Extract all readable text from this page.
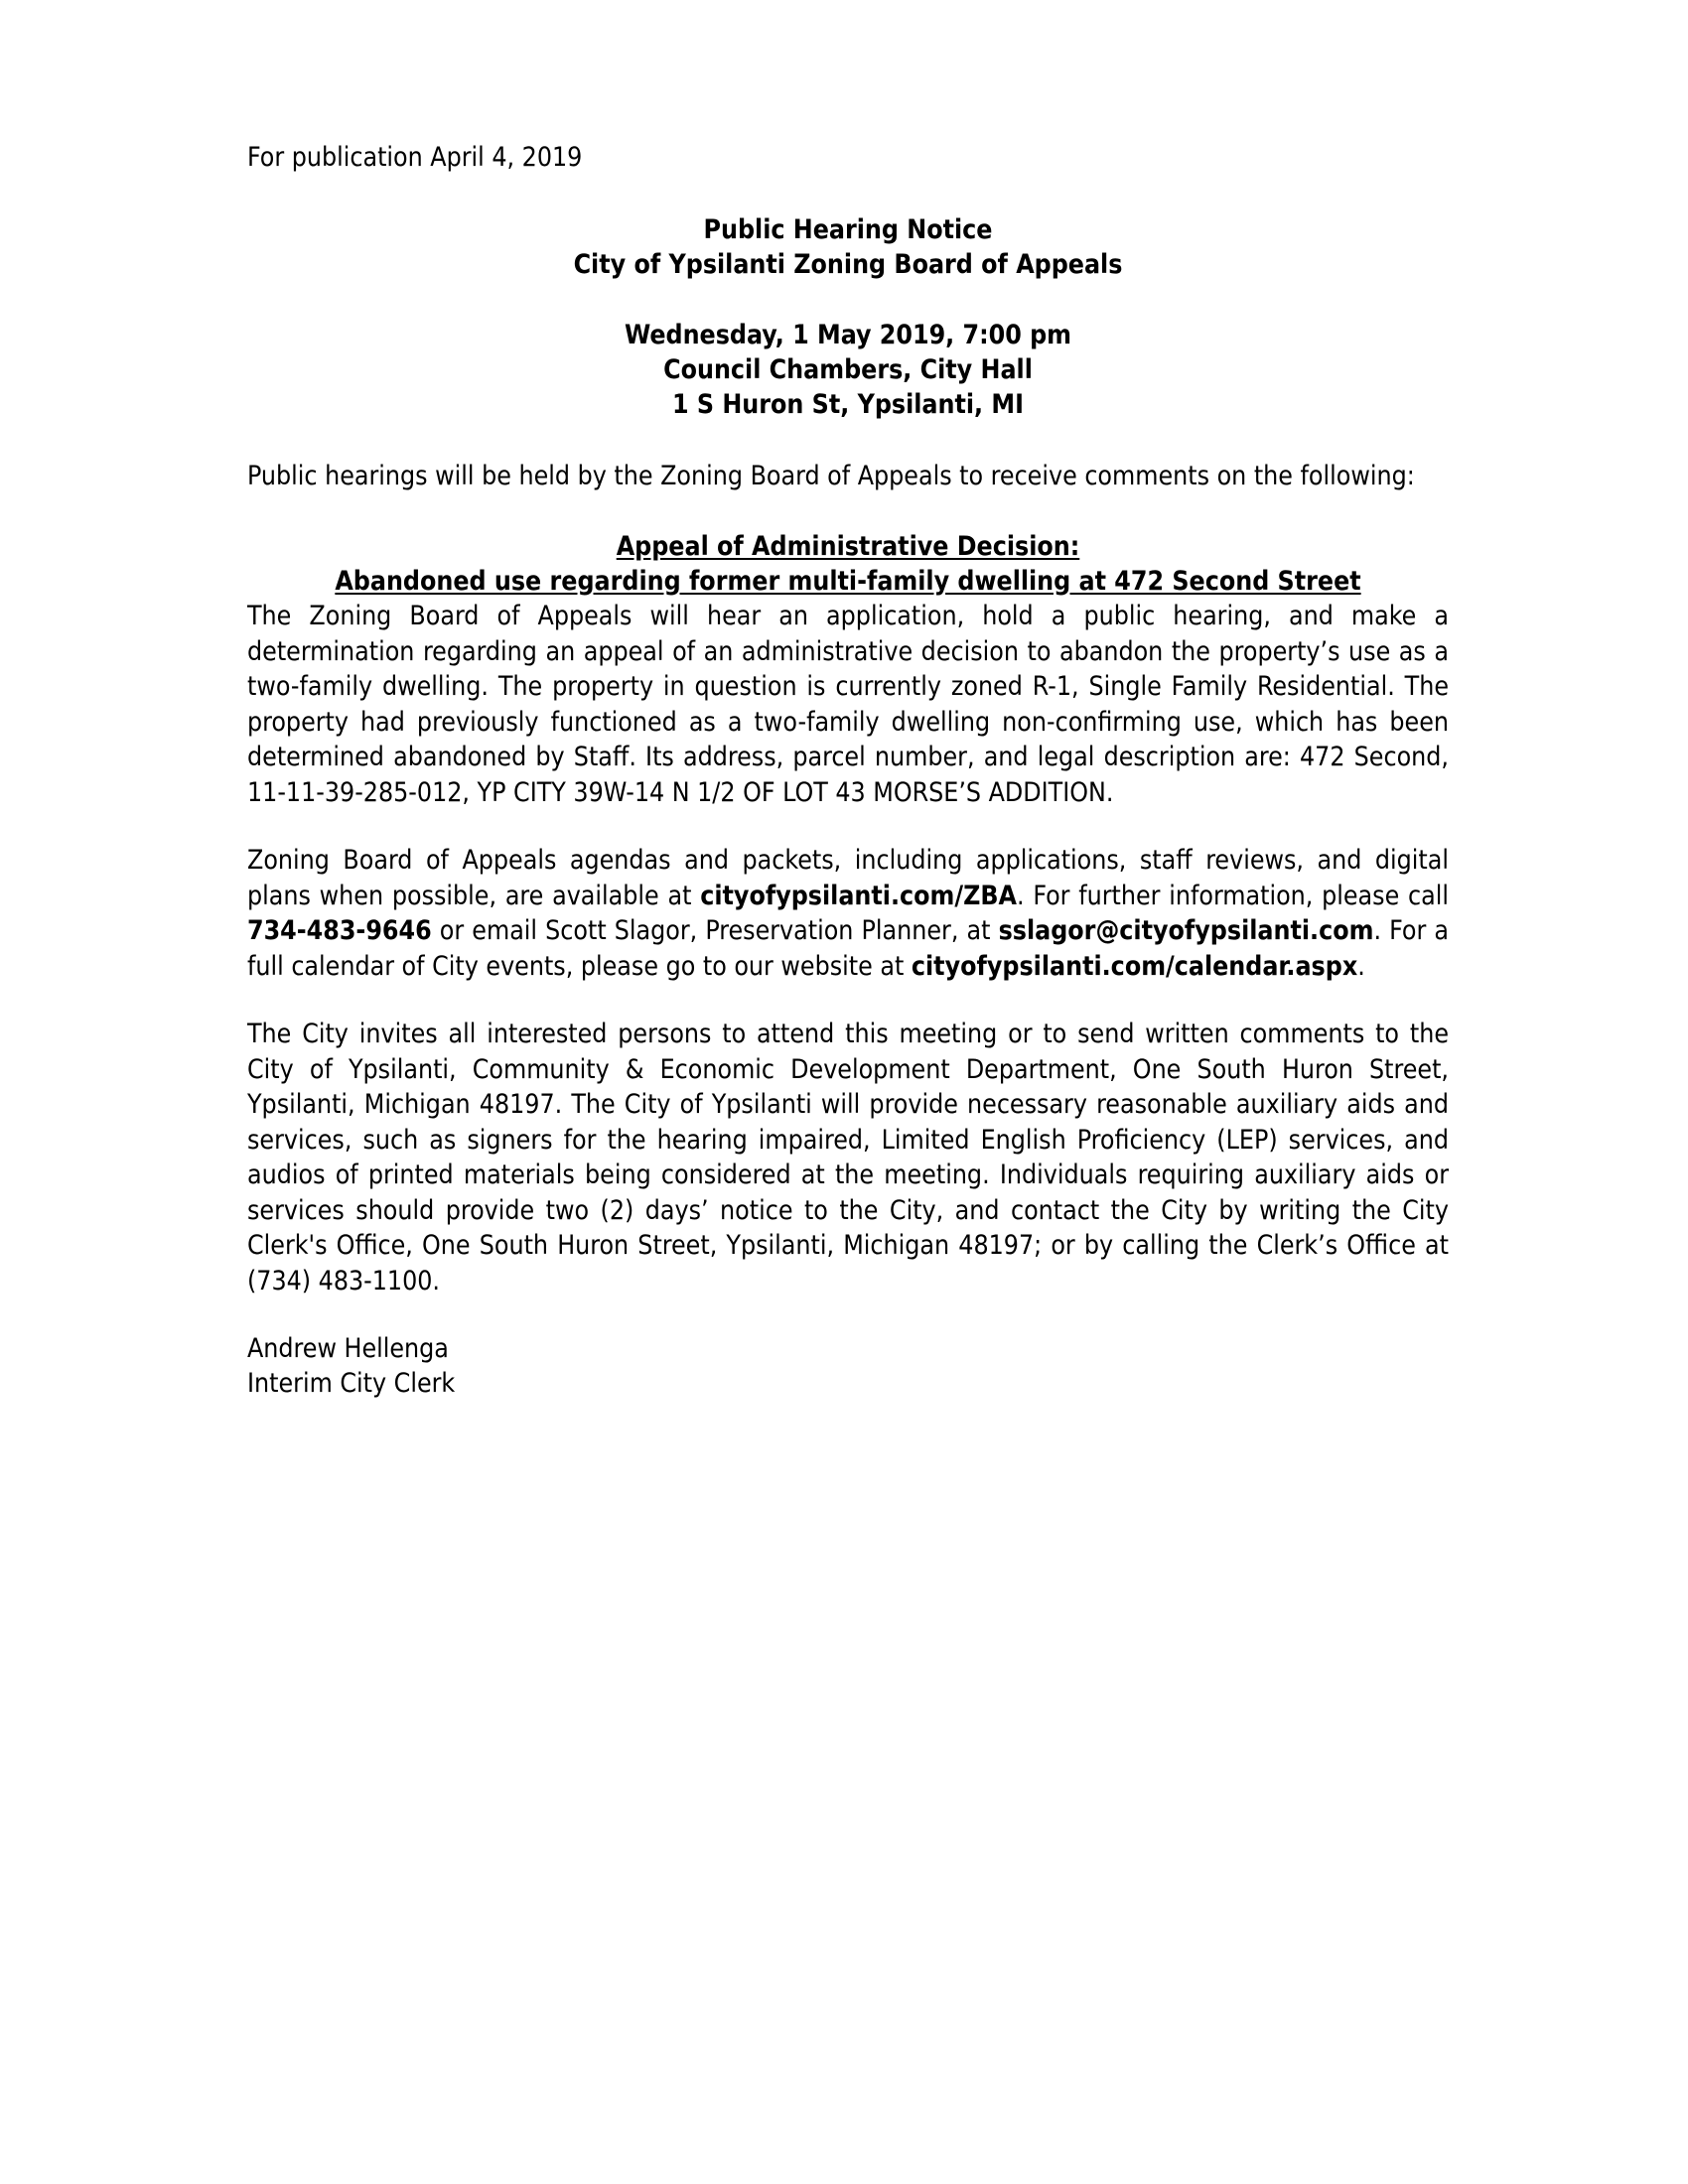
For publication April 4, 2019
Public Hearing Notice
City of Ypsilanti Zoning Board of Appeals
Wednesday, 1 May 2019, 7:00 pm
Council Chambers, City Hall
1 S Huron St, Ypsilanti, MI
Public hearings will be held by the Zoning Board of Appeals to receive comments on the following:
Appeal of Administrative Decision:
Abandoned use regarding former multi-family dwelling at 472 Second Street
The Zoning Board of Appeals will hear an application, hold a public hearing, and make a determination regarding an appeal of an administrative decision to abandon the property’s use as a two-family dwelling. The property in question is currently zoned R-1, Single Family Residential. The property had previously functioned as a two-family dwelling non-confirming use, which has been determined abandoned by Staff. Its address, parcel number, and legal description are: 472 Second, 11-11-39-285-012, YP CITY 39W-14 N 1/2 OF LOT 43 MORSE’S ADDITION.
Zoning Board of Appeals agendas and packets, including applications, staff reviews, and digital plans when possible, are available at cityofypsilanti.com/ZBA. For further information, please call 734-483-9646 or email Scott Slagor, Preservation Planner, at sslagor@cityofypsilanti.com. For a full calendar of City events, please go to our website at cityofypsilanti.com/calendar.aspx.
The City invites all interested persons to attend this meeting or to send written comments to the City of Ypsilanti, Community & Economic Development Department, One South Huron Street, Ypsilanti, Michigan 48197. The City of Ypsilanti will provide necessary reasonable auxiliary aids and services, such as signers for the hearing impaired, Limited English Proficiency (LEP) services, and audios of printed materials being considered at the meeting. Individuals requiring auxiliary aids or services should provide two (2) days’ notice to the City, and contact the City by writing the City Clerk's Office, One South Huron Street, Ypsilanti, Michigan 48197; or by calling the Clerk’s Office at (734) 483-1100.
Andrew Hellenga
Interim City Clerk
